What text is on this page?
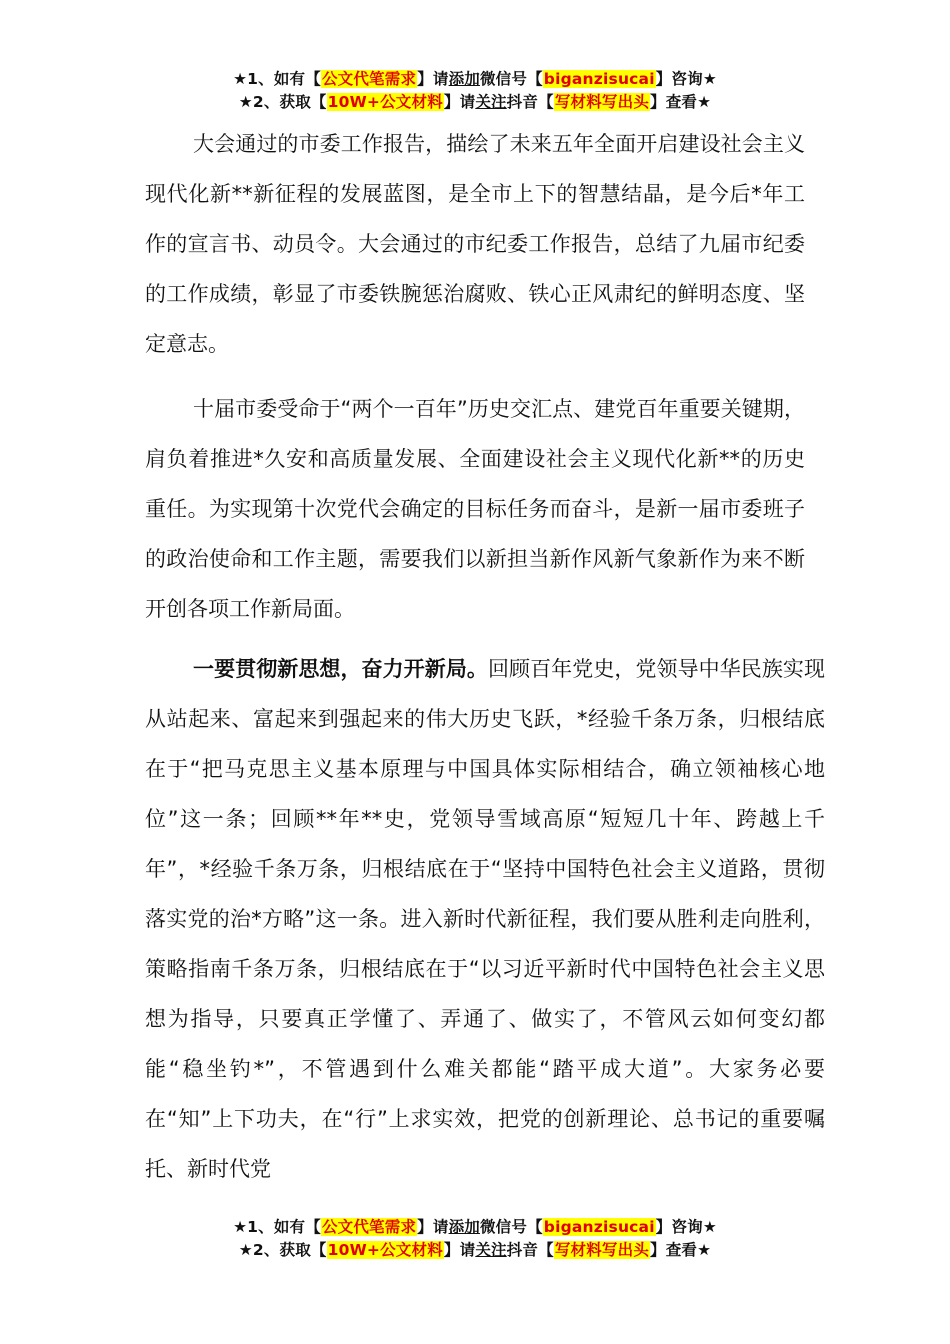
★1、如有【公文代笔需求】请添加微信号【biganzisucai】咨询★
★2、获取【10W+公文材料】请关注抖音【写材料写出头】查看★

大会通过的市委工作报告，描绘了未来五年全面开启建设社会主义现代化新**新征程的发展蓝图，是全市上下的智慧结晶，是今后*年工作的宣言书、动员令。大会通过的市纪委工作报告，总结了九届市纪委的工作成绩，彰显了市委铁腕惩治腐败、铁心正风肃纪的鲜明态度、坚定意志。

十届市委受命于“两个一百年”历史交汇点、建党百年重要关键期，肩负着推进*久安和高质量发展、全面建设社会主义现代化新**的历史重任。为实现第十次党代会确定的目标任务而奋斗，是新一届市委班子的政治使命和工作主题，需要我们以新担当新作风新气象新作为来不断开创各项工作新局面。

一要贯彻新思想，奋力开新局。回顾百年党史，党领导中华民族实现从站起来、富起来到强起来的伟大历史飞跃，*经验千条万条，归根结底在于“把马克思主义基本原理与中国具体实际相结合，确立领袖核心地位”这一条；回顾**年**史，党领导雪域高原“短短几十年、跨越上千年”，*经验千条万条，归根结底在于“坚持中国特色社会主义道路，贯彻落实党的治*方略”这一条。进入新时代新征程，我们要从胜利走向胜利，策略指南千条万条，归根结底在于“以习近平新时代中国特色社会主义思想为指导，只要真正学懂了、弄通了、做实了，不管风云如何变幻都能“稳坐钓*”，不管遇到什么难关都能“踏平成大道”。大家务必要在“知”上下功夫，在“行”上求实效，把党的创新理论、总书记的重要嘱托、新时代党

★1、如有【公文代笔需求】请添加微信号【biganzisucai】咨询★
★2、获取【10W+公文材料】请关注抖音【写材料写出头】查看★
